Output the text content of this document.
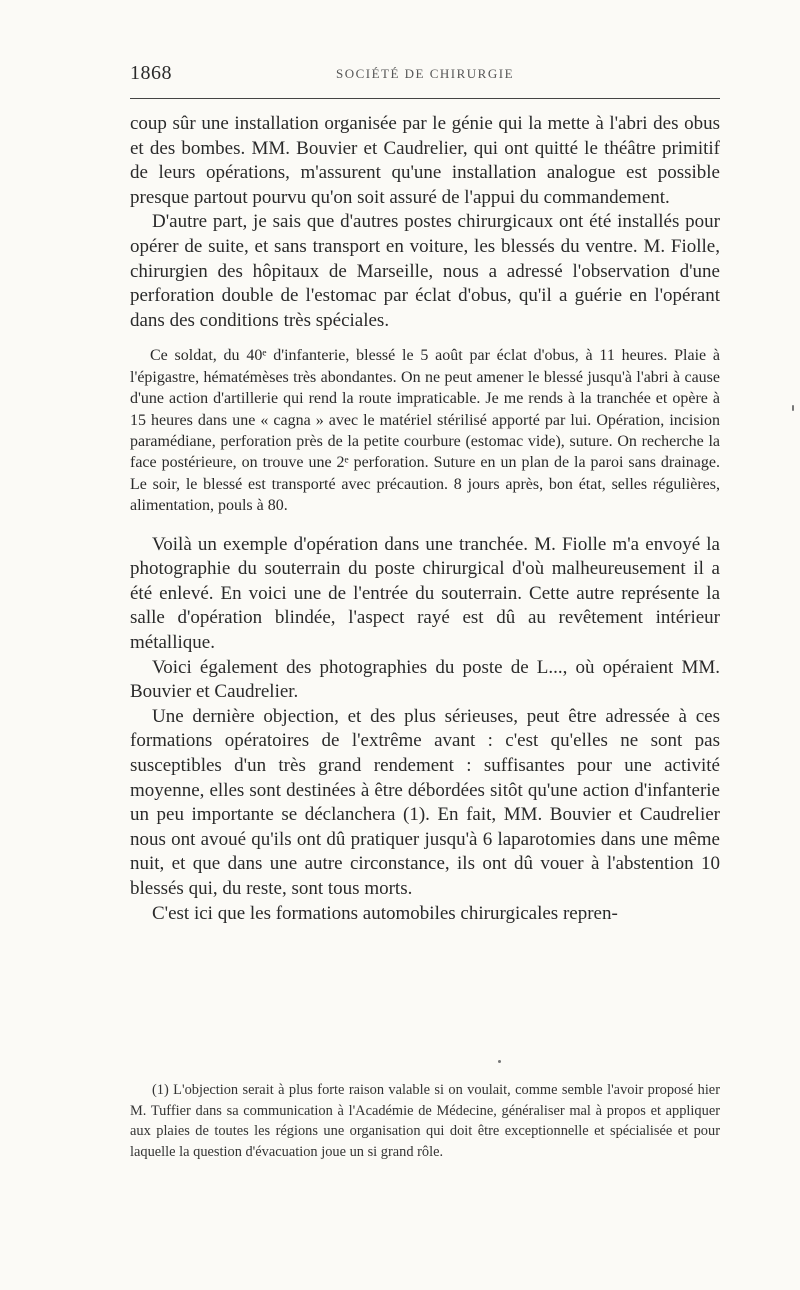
1868	SOCIÉTÉ DE CHIRURGIE

coup sûr une installation organisée par le génie qui la mette à l'abri des obus et des bombes. MM. Bouvier et Caudrelier, qui ont quitté le théâtre primitif de leurs opérations, m'assurent qu'une installation analogue est possible presque partout pourvu qu'on soit assuré de l'appui du commandement.

D'autre part, je sais que d'autres postes chirurgicaux ont été installés pour opérer de suite, et sans transport en voiture, les blessés du ventre. M. Fiolle, chirurgien des hôpitaux de Marseille, nous a adressé l'observation d'une perforation double de l'estomac par éclat d'obus, qu'il a guérie en l'opérant dans des conditions très spéciales.

Ce soldat, du 40ᵉ d'infanterie, blessé le 5 août par éclat d'obus, à 11 heures. Plaie à l'épigastre, hématémèses très abondantes. On ne peut amener le blessé jusqu'à l'abri à cause d'une action d'artillerie qui rend la route impraticable. Je me rends à la tranchée et opère à 15 heures dans une « cagna » avec le matériel stérilisé apporté par lui. Opération, incision paramédiane, perforation près de la petite courbure (estomac vide), suture. On recherche la face postérieure, on trouve une 2ᵉ perforation. Suture en un plan de la paroi sans drainage. Le soir, le blessé est transporté avec précaution. 8 jours après, bon état, selles régulières, alimentation, pouls à 80.

Voilà un exemple d'opération dans une tranchée. M. Fiolle m'a envoyé la photographie du souterrain du poste chirurgical d'où malheureusement il a été enlevé. En voici une de l'entrée du souterrain. Cette autre représente la salle d'opération blindée, l'aspect rayé est dû au revêtement intérieur métallique.

Voici également des photographies du poste de L..., où opéraient MM. Bouvier et Caudrelier.

Une dernière objection, et des plus sérieuses, peut être adressée à ces formations opératoires de l'extrême avant : c'est qu'elles ne sont pas susceptibles d'un très grand rendement : suffisantes pour une activité moyenne, elles sont destinées à être débordées sitôt qu'une action d'infanterie un peu importante se déclanchera (1). En fait, MM. Bouvier et Caudrelier nous ont avoué qu'ils ont dû pratiquer jusqu'à 6 laparotomies dans une même nuit, et que dans une autre circonstance, ils ont dû vouer à l'abstention 10 blessés qui, du reste, sont tous morts.

C'est ici que les formations automobiles chirurgicales repren-

(1) L'objection serait à plus forte raison valable si on voulait, comme semble l'avoir proposé hier M. Tuffier dans sa communication à l'Académie de Médecine, généraliser mal à propos et appliquer aux plaies de toutes les régions une organisation qui doit être exceptionnelle et spécialisée et pour laquelle la question d'évacuation joue un si grand rôle.
